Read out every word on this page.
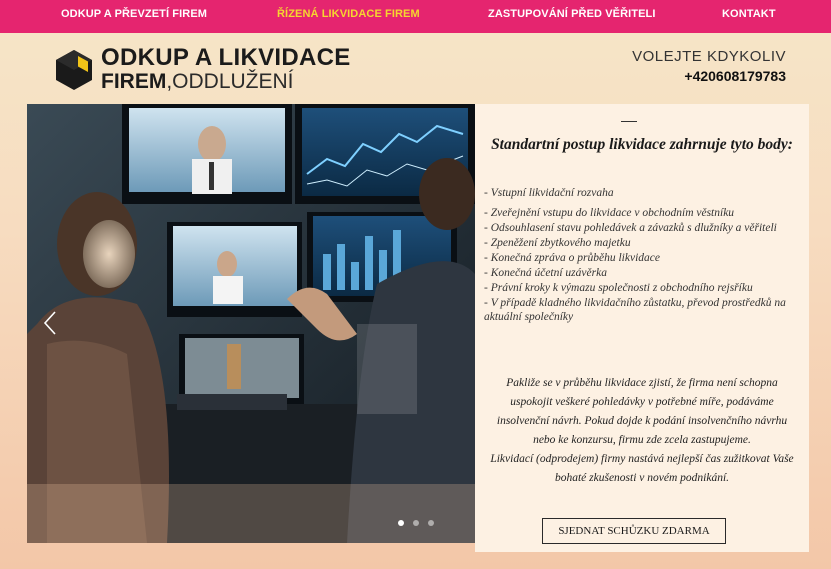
ODKUP A PŘEVZETÍ FIREM	ŘÍZENÁ LIKVIDACE FIREM	ZASTUPOVÁNÍ PŘED VĚŘITELI	KONTAKT
ODKUP A LIKVIDACE
FIREM,ODDLUŽENÍ
VOLEJTE KDYKOLIV
+420608179783
Standartní postup likvidace zahrnuje tyto body:
- Vstupní likvidační rozvaha
- Zveřejnění vstupu do likvidace v obchodním věstníku
- Odsouhlasení stavu pohledávek a závazků s dlužníky a věřiteli
- Zpeněžení zbytkového majetku
- Konečná zpráva o průběhu likvidace
- Konečná účetní uzávěrka
- Právní kroky k výmazu společnosti z obchodního rejsříku
- V případě kladného likvidačního zůstatku, převod prostředků na aktuální společníky
Pakliže se v průběhu likvidace zjistí, že firma není schopna uspokojit veškeré pohledávky v potřebné míře, podáváme insolvenční návrh. Pokud dojde k podání insolvenčního návrhu nebo ke konzursu, firmu zde zcela zastupujeme.
Likvidací (odprodejem) firmy nastává nejlepší čas zužitkovat Vaše bohaté zkušenosti v novém podnikání.
SJEDNAT SCHŮZKU ZDARMA
